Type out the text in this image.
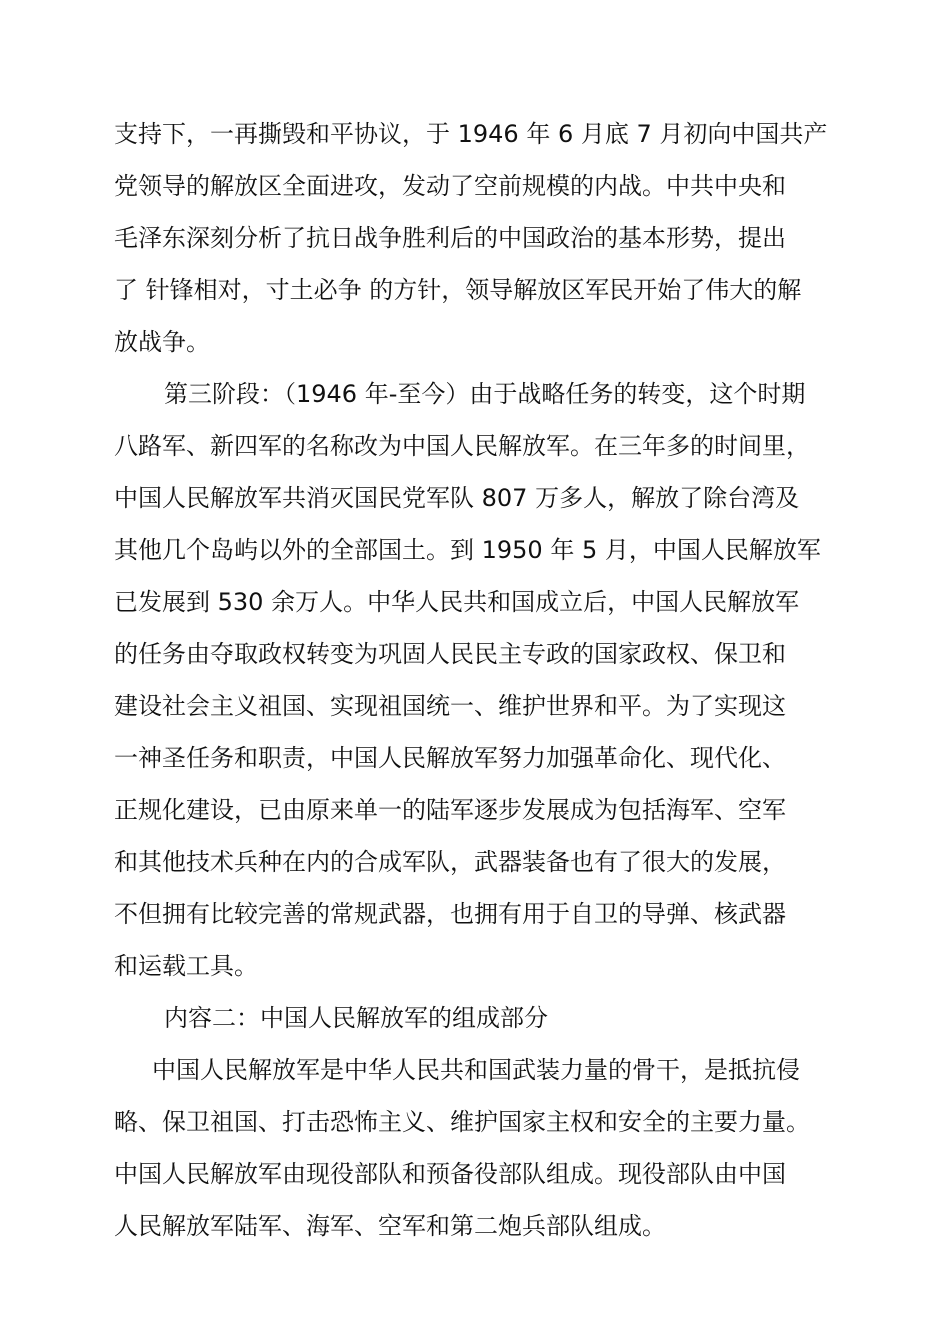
支持下，一再撕毁和平协议，于 1946 年 6 月底 7 月初向中国共产
党领导的解放区全面进攻，发动了空前规模的内战。中共中央和
毛泽东深刻分析了抗日战争胜利后的中国政治的基本形势，提出
了 针锋相对，寸土必争 的方针，领导解放区军民开始了伟大的解
放战争。
第三阶段：（1946 年-至今）由于战略任务的转变，这个时期
八路军、新四军的名称改为中国人民解放军。在三年多的时间里，
中国人民解放军共消灭国民党军队 807 万多人，解放了除台湾及
其他几个岛屿以外的全部国土。到 1950 年 5 月，中国人民解放军
已发展到 530 余万人。中华人民共和国成立后，中国人民解放军
的任务由夺取政权转变为巩固人民民主专政的国家政权、保卫和
建设社会主义祖国、实现祖国统一、维护世界和平。为了实现这
一神圣任务和职责，中国人民解放军努力加强革命化、现代化、
正规化建设，已由原来单一的陆军逐步发展成为包括海军、空军
和其他技术兵种在内的合成军队，武器装备也有了很大的发展，
不但拥有比较完善的常规武器，也拥有用于自卫的导弹、核武器
和运载工具。
内容二：中国人民解放军的组成部分
中国人民解放军是中华人民共和国武装力量的骨干，是抵抗侵
略、保卫祖国、打击恐怖主义、维护国家主权和安全的主要力量。
中国人民解放军由现役部队和预备役部队组成。现役部队由中国
人民解放军陆军、海军、空军和第二炮兵部队组成。
